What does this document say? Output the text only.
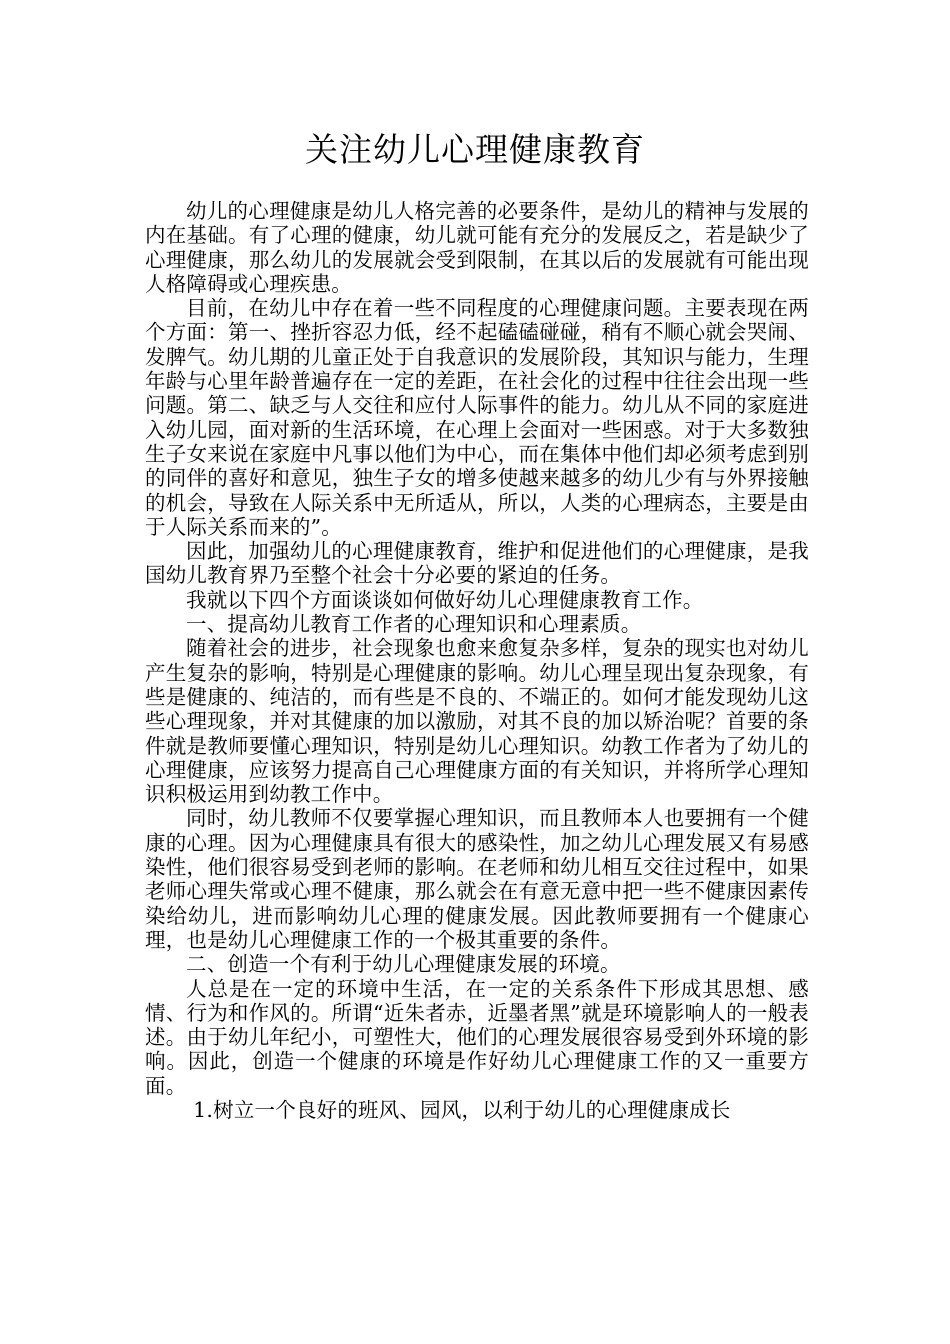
关注幼儿心理健康教育

幼儿的心理健康是幼儿人格完善的必要条件，是幼儿的精神与发展的内在基础。有了心理的健康，幼儿就可能有充分的发展反之，若是缺少了心理健康，那么幼儿的发展就会受到限制，在其以后的发展就有可能出现人格障碍或心理疾患。

目前，在幼儿中存在着一些不同程度的心理健康问题。主要表现在两个方面：第一、挫折容忍力低，经不起磕磕碰碰，稍有不顺心就会哭闹、发脾气。幼儿期的儿童正处于自我意识的发展阶段，其知识与能力，生理年龄与心里年龄普遍存在一定的差距，在社会化的过程中往往会出现一些问题。第二、缺乏与人交往和应付人际事件的能力。幼儿从不同的家庭进入幼儿园，面对新的生活环境，在心理上会面对一些困惑。对于大多数独生子女来说在家庭中凡事以他们为中心，而在集体中他们却必须考虑到别的同伴的喜好和意见，独生子女的增多使越来越多的幼儿少有与外界接触的机会，导致在人际关系中无所适从，所以，人类的心理病态，主要是由于人际关系而来的”。

因此，加强幼儿的心理健康教育，维护和促进他们的心理健康，是我国幼儿教育界乃至整个社会十分必要的紧迫的任务。

我就以下四个方面谈谈如何做好幼儿心理健康教育工作。

一、提高幼儿教育工作者的心理知识和心理素质。

随着社会的进步，社会现象也愈来愈复杂多样，复杂的现实也对幼儿产生复杂的影响，特别是心理健康的影响。幼儿心理呈现出复杂现象，有些是健康的、纯洁的，而有些是不良的、不端正的。如何才能发现幼儿这些心理现象，并对其健康的加以激励，对其不良的加以矫治呢？首要的条件就是教师要懂心理知识，特别是幼儿心理知识。幼教工作者为了幼儿的心理健康，应该努力提高自己心理健康方面的有关知识，并将所学心理知识积极运用到幼教工作中。

同时，幼儿教师不仅要掌握心理知识，而且教师本人也要拥有一个健康的心理。因为心理健康具有很大的感染性，加之幼儿心理发展又有易感染性，他们很容易受到老师的影响。在老师和幼儿相互交往过程中，如果老师心理失常或心理不健康，那么就会在有意无意中把一些不健康因素传染给幼儿，进而影响幼儿心理的健康发展。因此教师要拥有一个健康心理，也是幼儿心理健康工作的一个极其重要的条件。

二、创造一个有利于幼儿心理健康发展的环境。

人总是在一定的环境中生活，在一定的关系条件下形成其思想、感情、行为和作风的。所谓“近朱者赤，近墨者黑”就是环境影响人的一般表述。由于幼儿年纪小，可塑性大，他们的心理发展很容易受到外环境的影响。因此，创造一个健康的环境是作好幼儿心理健康工作的又一重要方面。

1.树立一个良好的班风、园风，以利于幼儿的心理健康成长
